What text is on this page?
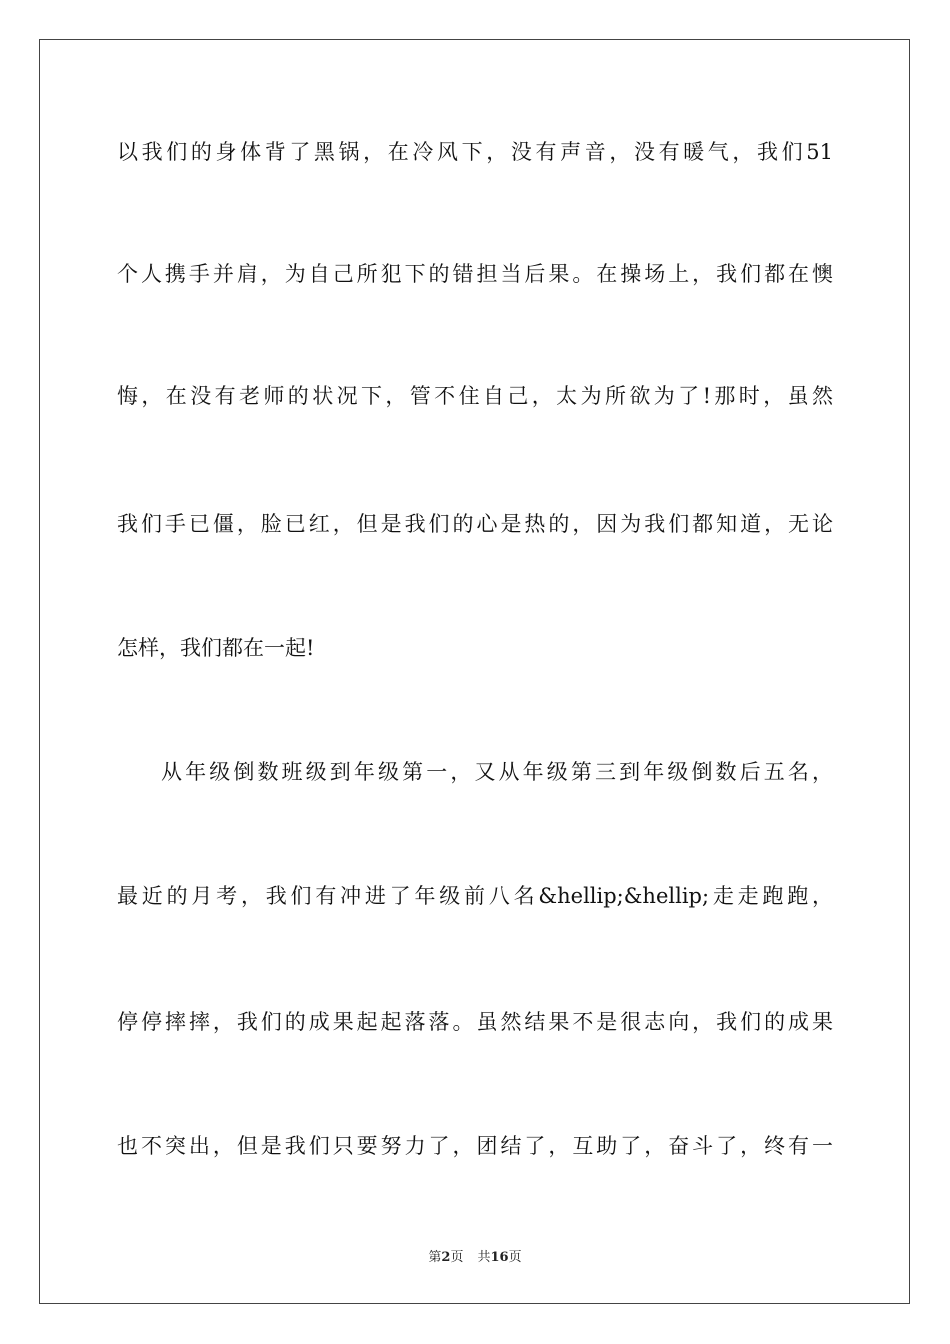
以我们的身体背了黑锅，在冷风下，没有声音，没有暖气，我们51
个人携手并肩，为自己所犯下的错担当后果。在操场上，我们都在懊
悔，在没有老师的状况下，管不住自己，太为所欲为了!那时，虽然
我们手已僵，脸已红，但是我们的心是热的，因为我们都知道，无论
怎样，我们都在一起!
从年级倒数班级到年级第一，又从年级第三到年级倒数后五名，
最近的月考，我们有冲进了年级前八名&hellip;&hellip;走走跑跑，
停停摔摔，我们的成果起起落落。虽然结果不是很志向，我们的成果
也不突出，但是我们只要努力了，团结了，互助了，奋斗了，终有一
第2页 共16页
